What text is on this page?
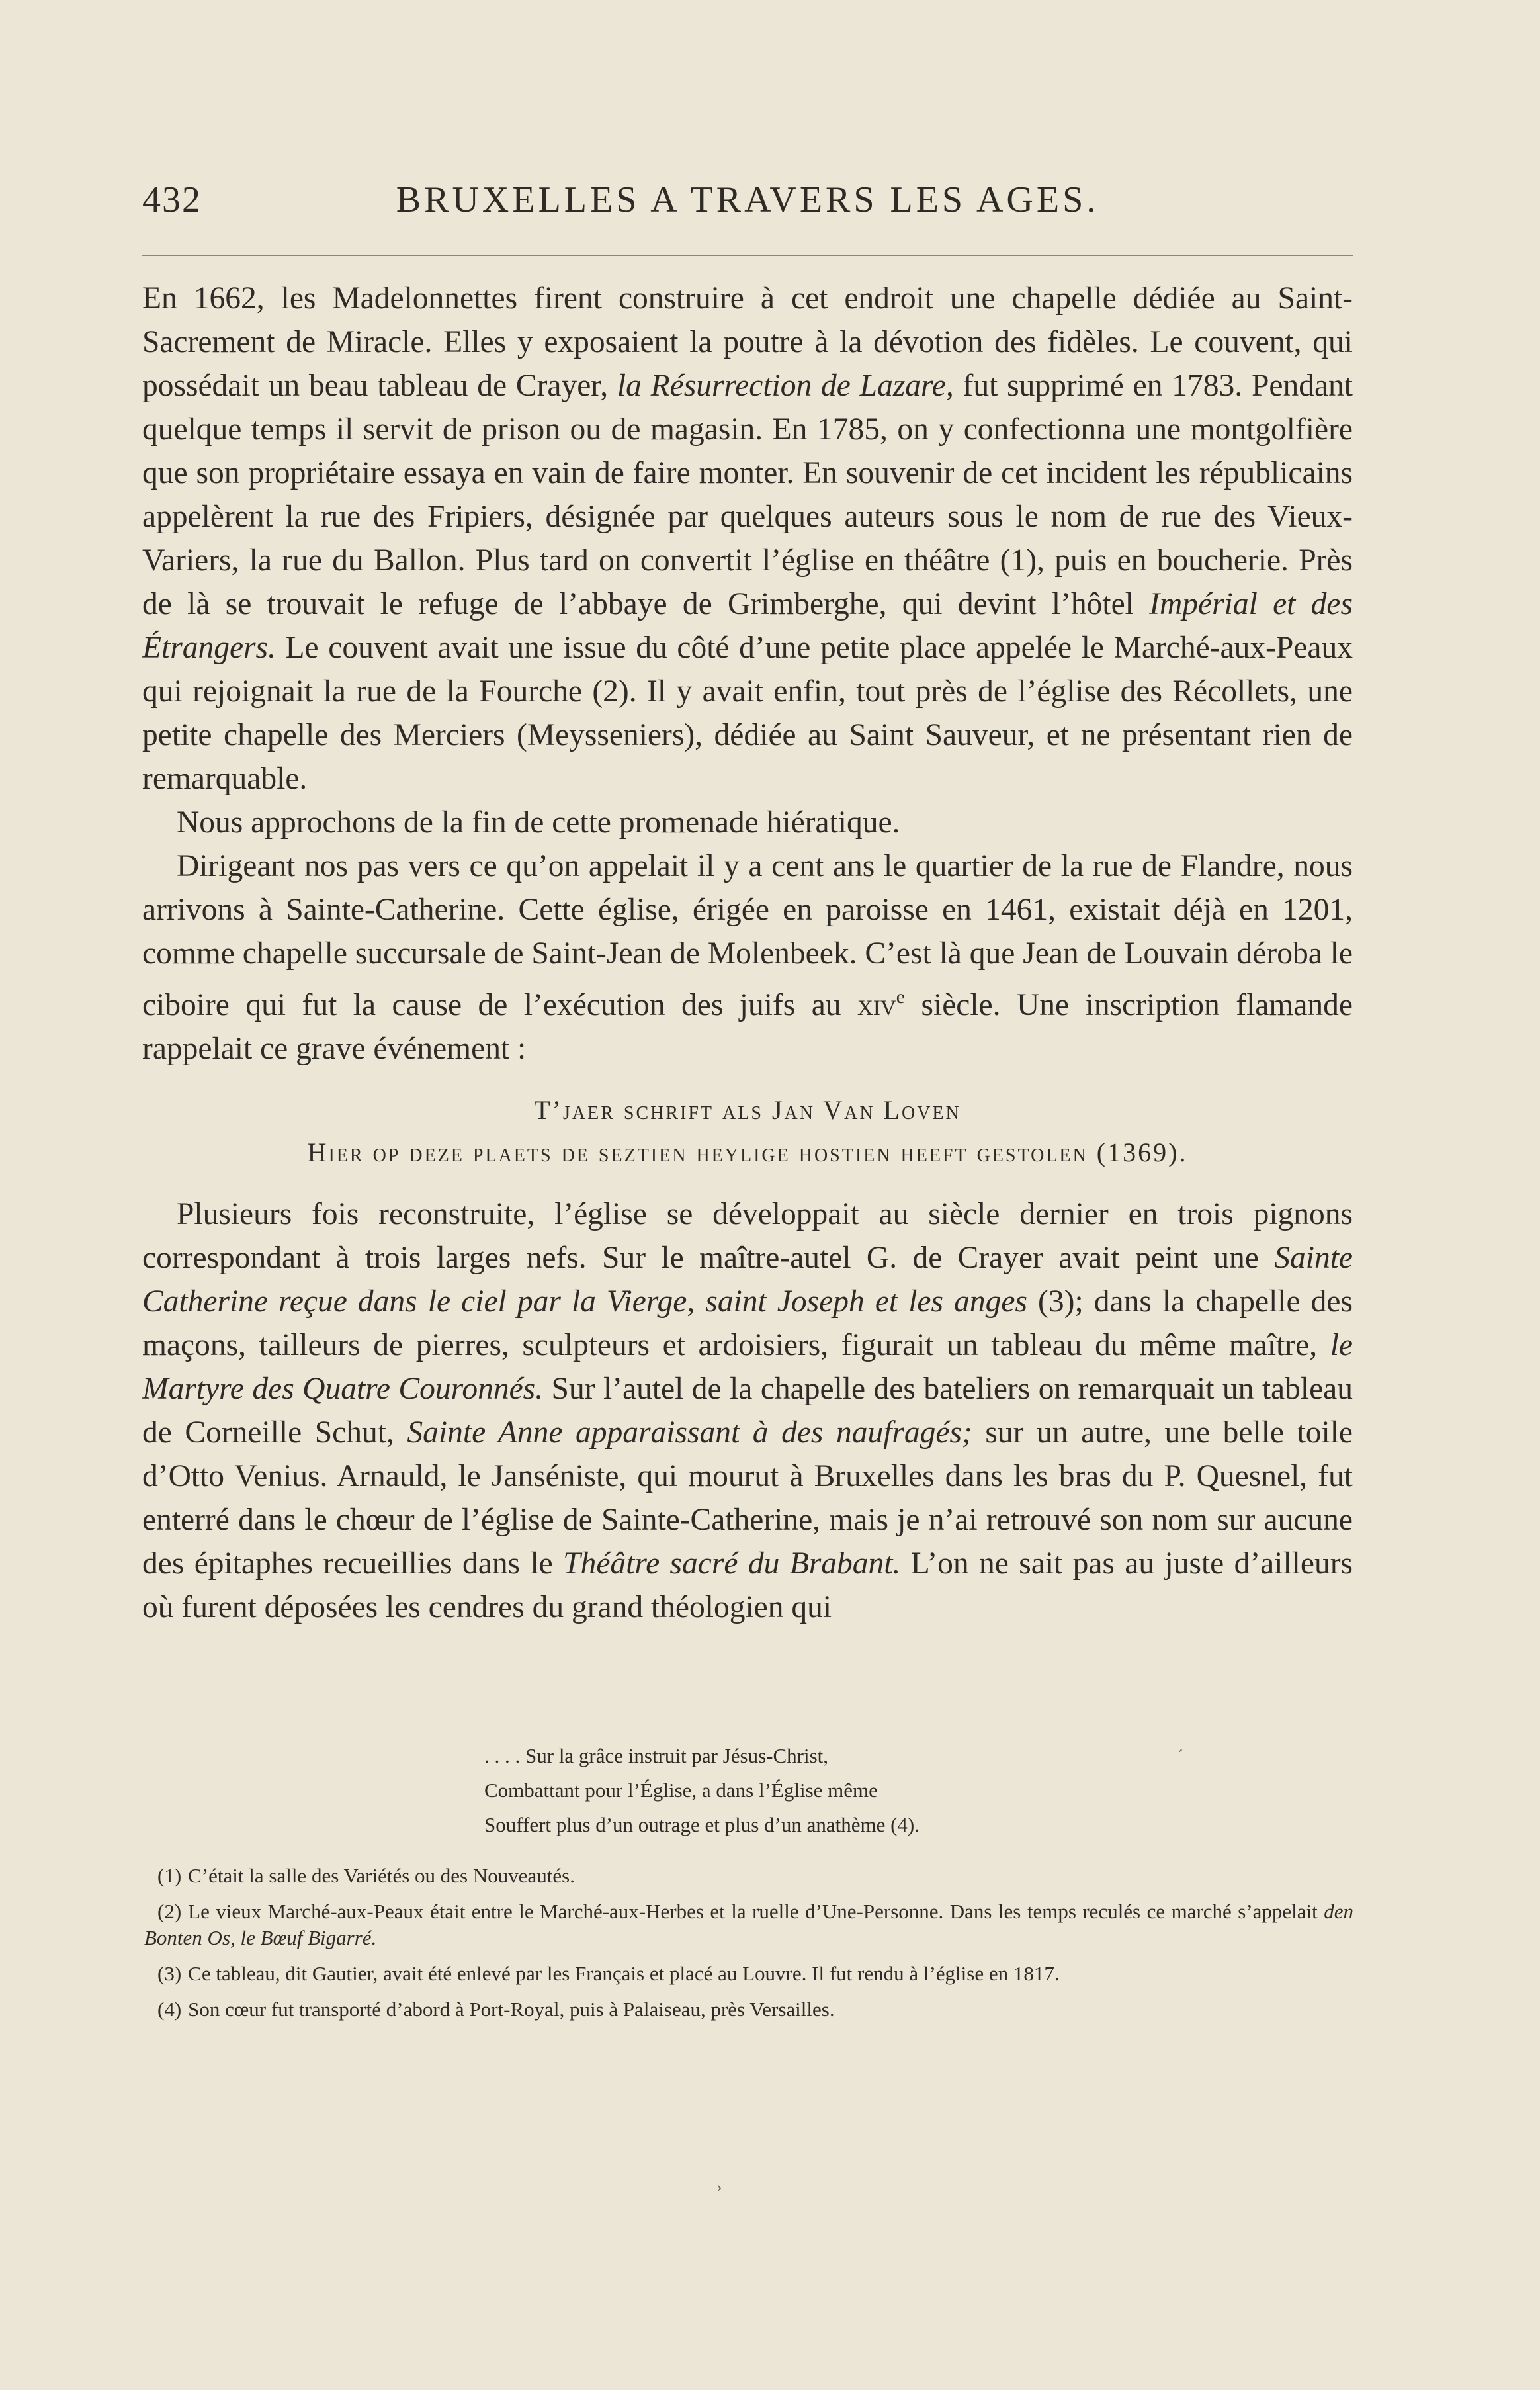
432	BRUXELLES A TRAVERS LES AGES.

En 1662, les Madelonnettes firent construire à cet endroit une chapelle dédiée au Saint-Sacrement de Miracle. Elles y exposaient la poutre à la dévotion des fidèles. Le couvent, qui possédait un beau tableau de Crayer, la Résurrection de Lazare, fut supprimé en 1783. Pendant quelque temps il servit de prison ou de magasin. En 1785, on y confectionna une montgolfière que son propriétaire essaya en vain de faire monter. En souvenir de cet incident les républicains appelèrent la rue des Fripiers, désignée par quelques auteurs sous le nom de rue des Vieux-Variers, la rue du Ballon. Plus tard on convertit l’église en théâtre (1), puis en boucherie. Près de là se trouvait le refuge de l’abbaye de Grimberghe, qui devint l’hôtel Impérial et des Étrangers. Le couvent avait une issue du côté d’une petite place appelée le Marché-aux-Peaux qui rejoignait la rue de la Fourche (2). Il y avait enfin, tout près de l’église des Récollets, une petite chapelle des Merciers (Meysseniers), dédiée au Saint Sauveur, et ne présentant rien de remarquable.

Nous approchons de la fin de cette promenade hiératique.

Dirigeant nos pas vers ce qu’on appelait il y a cent ans le quartier de la rue de Flandre, nous arrivons à Sainte-Catherine. Cette église, érigée en paroisse en 1461, existait déjà en 1201, comme chapelle succursale de Saint-Jean de Molenbeek. C’est là que Jean de Louvain déroba le ciboire qui fut la cause de l’exécution des juifs au xiv$^e$ siècle. Une inscription flamande rappelait ce grave événement :

T’jaer schrift als Jan Van Loven
Hier op deze plaets de seztien heylige hostien heeft gestolen (1369).

Plusieurs fois reconstruite, l’église se développait au siècle dernier en trois pignons correspondant à trois larges nefs. Sur le maître-autel G. de Crayer avait peint une Sainte Catherine reçue dans le ciel par la Vierge, saint Joseph et les anges (3); dans la chapelle des maçons, tailleurs de pierres, sculpteurs et ardoisiers, figurait un tableau du même maître, le Martyre des Quatre Couronnés. Sur l’autel de la chapelle des bateliers on remarquait un tableau de Corneille Schut, Sainte Anne apparaissant à des naufragés; sur un autre, une belle toile d’Otto Venius. Arnauld, le Janséniste, qui mourut à Bruxelles dans les bras du P. Quesnel, fut enterré dans le chœur de l’église de Sainte-Catherine, mais je n’ai retrouvé son nom sur aucune des épitaphes recueillies dans le Théâtre sacré du Brabant. L’on ne sait pas au juste d’ailleurs où furent déposées les cendres du grand théologien qui

. . . . Sur la grâce instruit par Jésus-Christ,
Combattant pour l’Église, a dans l’Église même
Souffert plus d’un outrage et plus d’un anathème (4).

(1) C’était la salle des Variétés ou des Nouveautés.

(2) Le vieux Marché-aux-Peaux était entre le Marché-aux-Herbes et la ruelle d’Une-Personne. Dans les temps reculés ce marché s’appelait den Bonten Os, le Bœuf Bigarré.

(3) Ce tableau, dit Gautier, avait été enlevé par les Français et placé au Louvre. Il fut rendu à l’église en 1817.

(4) Son cœur fut transporté d’abord à Port-Royal, puis à Palaiseau, près Versailles.

´
›
